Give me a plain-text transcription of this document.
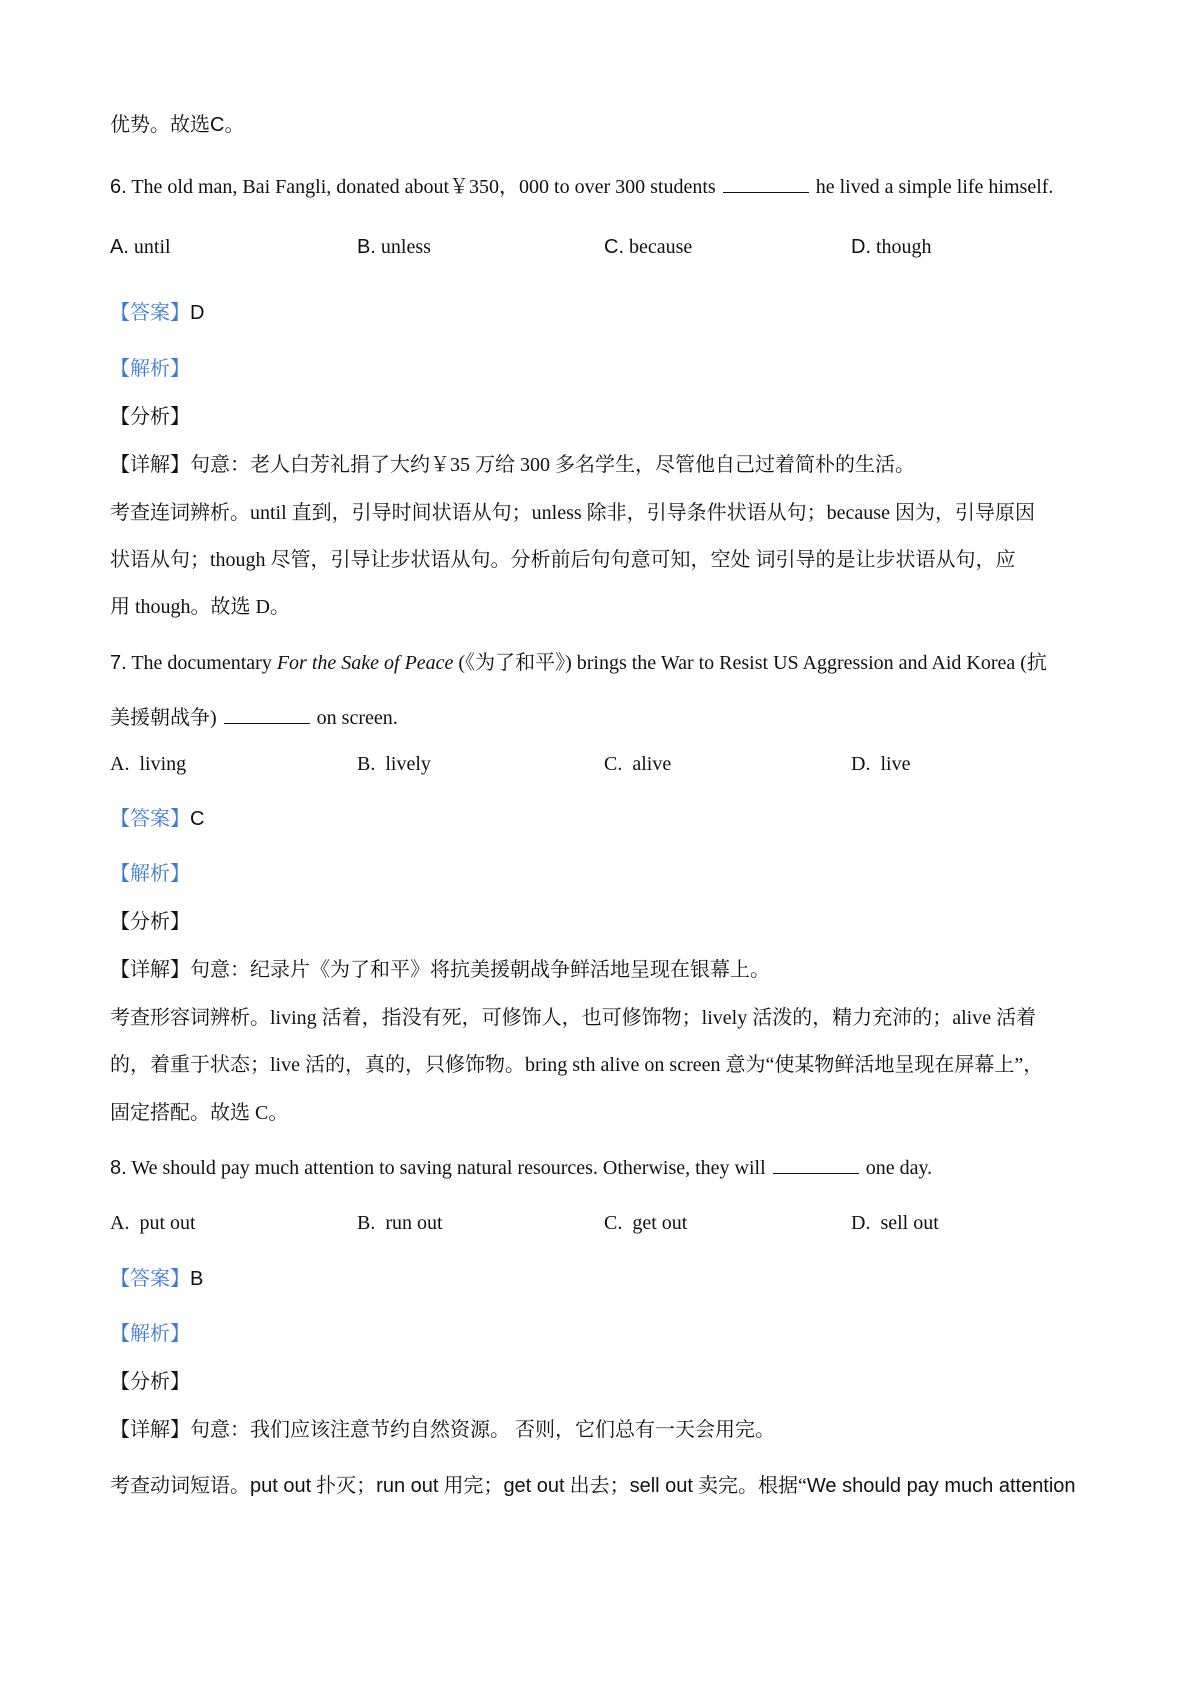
优势。故选C。
6. The old man, Bai Fangli, donated about￥350，000 to over 300 students	he lived a simple life himself.
A. until	B. unless	C. because	D. though
【答案】D
【解析】
【分析】
【详解】句意：老人白芳礼捐了大约￥35 万给 300 多名学生，尽管他自己过着简朴的生活。
考查连词辨析。until 直到，引导时间状语从句；unless 除非，引导条件状语从句；because 因为，引导原因
状语从句；though 尽管，引导让步状语从句。分析前后句句意可知，空处 词引导的是让步状语从句，应
用 though。故选 D。
7. The documentary For the Sake of Peace (《为了和平》) brings the War to Resist US Aggression and Aid Korea (抗
美援朝战争)	on screen.
A. living	B. lively	C. alive	D. live
【答案】C
【解析】
【分析】
【详解】句意：纪录片《为了和平》将抗美援朝战争鲜活地呈现在银幕上。
考查形容词辨析。living 活着，指没有死，可修饰人，也可修饰物；lively 活泼的，精力充沛的；alive 活着
的，着重于状态；live 活的，真的，只修饰物。bring sth alive on screen 意为“使某物鲜活地呈现在屏幕上”，
固定搭配。故选 C。
8. We should pay much attention to saving natural resources. Otherwise, they will	one day.
A. put out	B. run out	C. get out	D. sell out
【答案】B
【解析】
【分析】
【详解】句意：我们应该注意节约自然资源。 否则，它们总有一天会用完。
考查动词短语。put out 扑灭；run out 用完；get out 出去；sell out 卖完。根据“We should pay much attention
